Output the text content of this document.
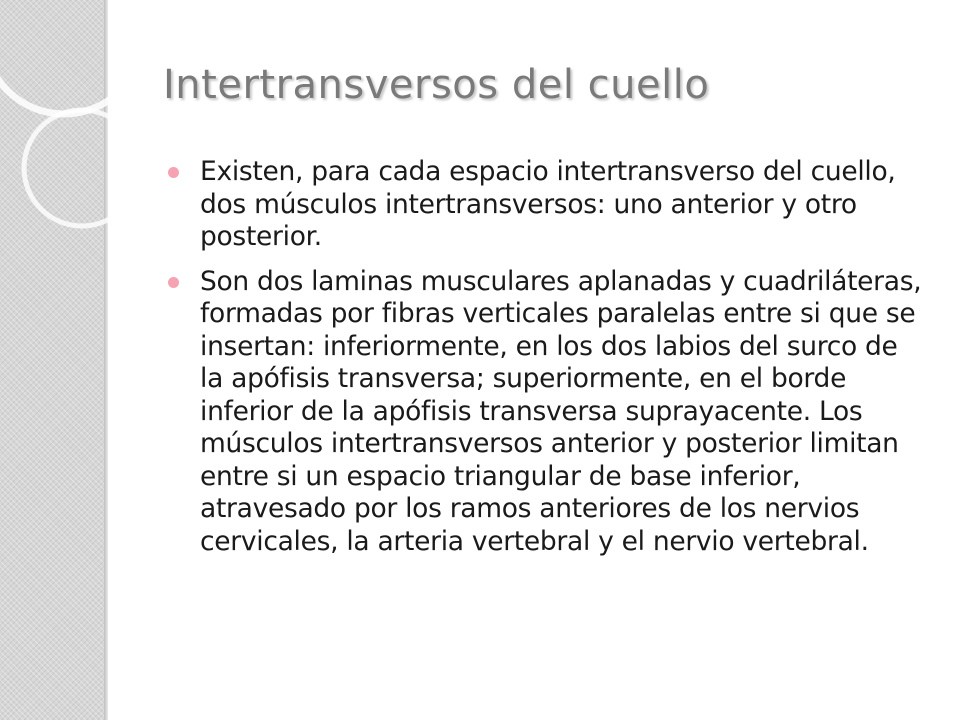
Intertransversos del cuello
Existen, para cada espacio intertransverso del cuello, dos músculos intertransversos: uno anterior y otro posterior.
Son dos laminas musculares aplanadas y cuadriláteras, formadas por fibras verticales paralelas entre si que se insertan: inferiormente, en los dos labios del surco de la apófisis transversa; superiormente, en el borde inferior de la apófisis transversa suprayacente. Los músculos intertransversos anterior y posterior limitan entre si un espacio triangular de base inferior, atravesado por los ramos anteriores de los nervios cervicales, la arteria vertebral y el nervio vertebral.
